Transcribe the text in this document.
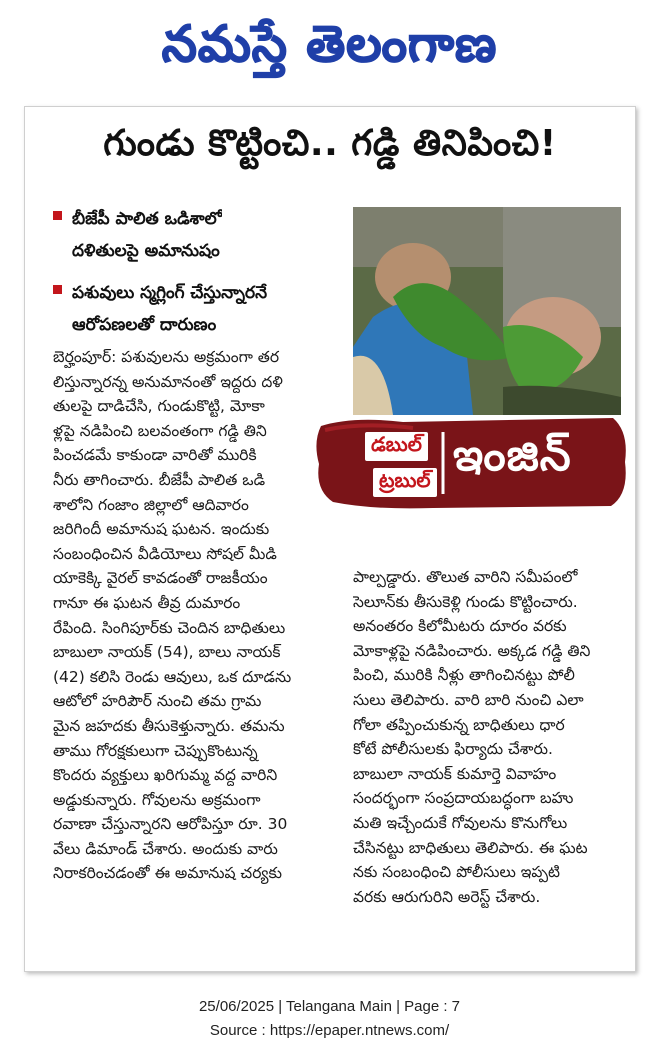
నమస్తే తెలంగాణ
గుండు కొట్టించి.. గడ్డి తినిపించి!
బీజేపీ పాలిత ఒడిశాలో
దళితులపై అమానుషం
పశువులు స్మగ్లింగ్ చేస్తున్నారనే
ఆరోపణలతో దారుణం
డబుల్
ట్రబుల్ ఇంజిన్
బెర్హంపూర్: పశువులను అక్రమంగా తర
లిస్తున్నారన్న అనుమానంతో ఇద్దరు దళి
తులపై దాడిచేసి, గుండుకొట్టి, మోకా
ళ్లపై నడిపించి బలవంతంగా గడ్డి తిని
పించడమే కాకుండా వారితో మురికి
నీరు తాగించారు. బీజేపీ పాలిత ఒడి
శాలోని గంజాం జిల్లాలో ఆదివారం
జరిగిందీ అమానుష ఘటన. ఇందుకు
సంబంధించిన వీడియోలు సోషల్ మీడి
యాకెక్కి వైరల్ కావడంతో రాజకీయం
గానూ ఈ ఘటన తీవ్ర దుమారం
రేపింది. సింగిపూర్‌కు చెందిన బాధితులు
బాబులా నాయక్ (54), బాలు నాయక్
(42) కలిసి రెండు ఆవులు, ఒక దూడను
ఆటోలో హరిపౌర్ నుంచి తమ గ్రామ
మైన జహదకు తీసుకెళ్తున్నారు. తమను
తాము గోరక్షకులుగా చెప్పుకొంటున్న
కొందరు వ్యక్తులు ఖరిగుమ్మ వద్ద వారిని
అడ్డుకున్నారు. గోవులను అక్రమంగా
రవాణా చేస్తున్నారని ఆరోపిస్తూ రూ. 30
వేలు డిమాండ్ చేశారు. అందుకు వారు
నిరాకరించడంతో ఈ అమానుష చర్యకు
పాల్పడ్డారు. తొలుత వారిని సమీపంలో
సెలూన్‌కు తీసుకెళ్లి గుండు కొట్టించారు.
అనంతరం కిలోమీటరు దూరం వరకు
మోకాళ్లపై నడిపించారు. అక్కడ గడ్డి తిని
పించి, మురికి నీళ్లు తాగించినట్టు పోలీ
సులు తెలిపారు. వారి బారి నుంచి ఎలా
గోలా తప్పించుకున్న బాధితులు ధార
కోటే పోలీసులకు ఫిర్యాదు చేశారు.
బాబులా నాయక్ కుమార్తె వివాహం
సందర్భంగా సంప్రదాయబద్ధంగా బహు
మతి ఇచ్చేందుకే గోవులను కొనుగోలు
చేసినట్టు బాధితులు తెలిపారు. ఈ ఘట
నకు సంబంధించి పోలీసులు ఇప్పటి
వరకు ఆరుగురిని అరెస్ట్ చేశారు.
25/06/2025 | Telangana Main | Page : 7
Source : https://epaper.ntnews.com/
